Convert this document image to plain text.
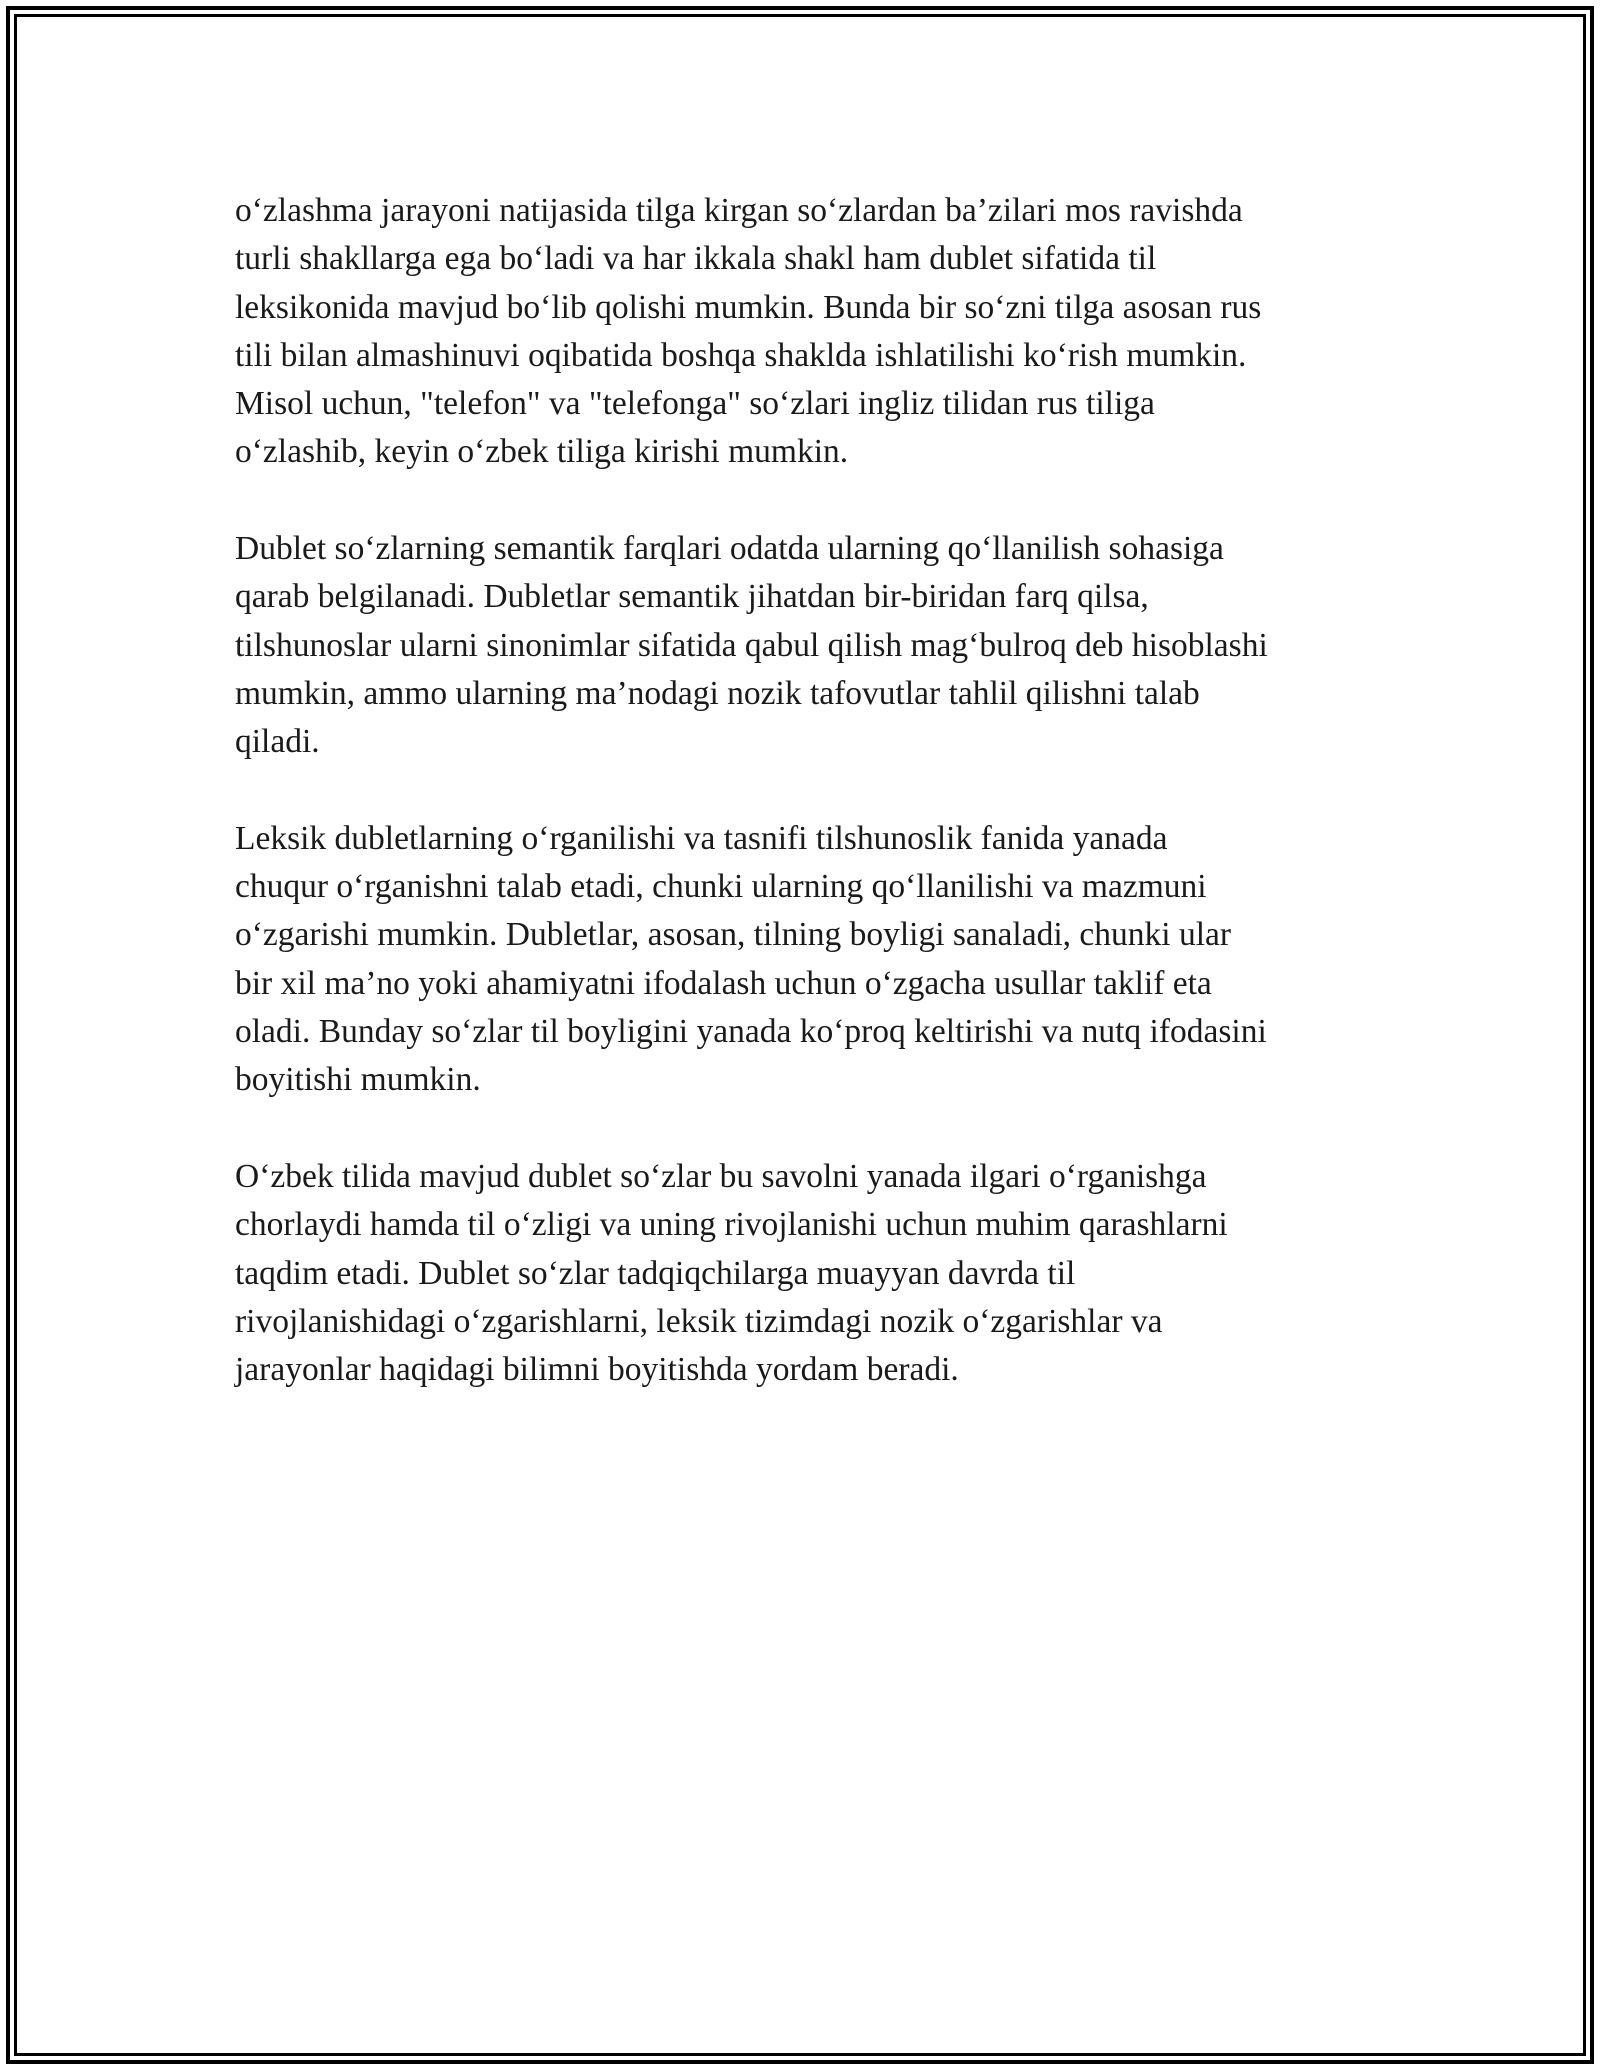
o‘zlashma jarayoni natijasida tilga kirgan so‘zlardan ba’zilari mos ravishda
turli shakllarga ega bo‘ladi va har ikkala shakl ham dublet sifatida til
leksikonida mavjud bo‘lib qolishi mumkin. Bunda bir so‘zni tilga asosan rus
tili bilan almashinuvi oqibatida boshqa shaklda ishlatilishi ko‘rish mumkin.
Misol uchun, "telefon" va "telefonga" so‘zlari ingliz tilidan rus tiliga
o‘zlashib, keyin o‘zbek tiliga kirishi mumkin.

Dublet so‘zlarning semantik farqlari odatda ularning qo‘llanilish sohasiga
qarab belgilanadi. Dubletlar semantik jihatdan bir-biridan farq qilsa,
tilshunoslar ularni sinonimlar sifatida qabul qilish mag‘bulroq deb hisoblashi
mumkin, ammo ularning ma’nodagi nozik tafovutlar tahlil qilishni talab
qiladi.

Leksik dubletlarning o‘rganilishi va tasnifi tilshunoslik fanida yanada
chuqur o‘rganishni talab etadi, chunki ularning qo‘llanilishi va mazmuni
o‘zgarishi mumkin. Dubletlar, asosan, tilning boyligi sanaladi, chunki ular
bir xil ma’no yoki ahamiyatni ifodalash uchun o‘zgacha usullar taklif eta
oladi. Bunday so‘zlar til boyligini yanada ko‘proq keltirishi va nutq ifodasini
boyitishi mumkin.

O‘zbek tilida mavjud dublet so‘zlar bu savolni yanada ilgari o‘rganishga
chorlaydi hamda til o‘zligi va uning rivojlanishi uchun muhim qarashlarni
taqdim etadi. Dublet so‘zlar tadqiqchilarga muayyan davrda til
rivojlanishidagi o‘zgarishlarni, leksik tizimdagi nozik o‘zgarishlar va
jarayonlar haqidagi bilimni boyitishda yordam beradi.
